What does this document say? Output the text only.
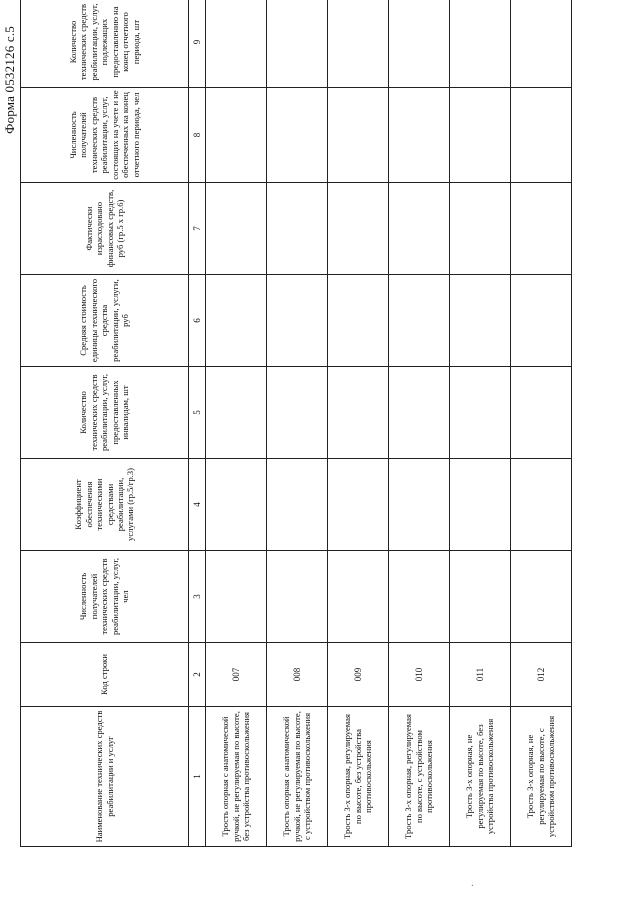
Форма 0532126 с.5
Наименование технических средств реабилитации и услуг	Код строки	Численность получателей технических средств реабилитации, услуг, чел	Коэффициент обеспечения техническими средствами реабилитации, услугами (гр.5/гр.3)	Количество технических средств реабилитации, услуг, предоставленных инвалидам, шт	Средняя стоимость единицы технического средства реабилитации, услуги, руб	Фактически израсходовано финансовых средств, руб (гр.5 х гр.6)	Численность получателей технических средств реабилитации, услуг, состоящих на учете и не обеспеченных на конец отчетного периода, чел	Количество технических средств реабилитации, услуг, подлежащих предоставлению на конец отчетного периода, шт
1	2	3	4	5	6	7	8	9
Трость опорная с анатомической ручкой, не регулируемая по высоте, без устройства противоскольжения	007							
Трость опорная с анатомической ручкой, не регулируемая по высоте, с устройством противоскольжения	008							
Трость 3-х опорная, регулируемая по высоте, без устройства противоскольжения	009							
Трость 3-х опорная, регулируемая по высоте, с устройством противоскольжения	010							
Трость 3-х опорная, не регулируемая по высоте, без устройства противоскольжения	011							
Трость 3-х опорная, не регулируемая по высоте, с устройством противоскольжения	012							
·
